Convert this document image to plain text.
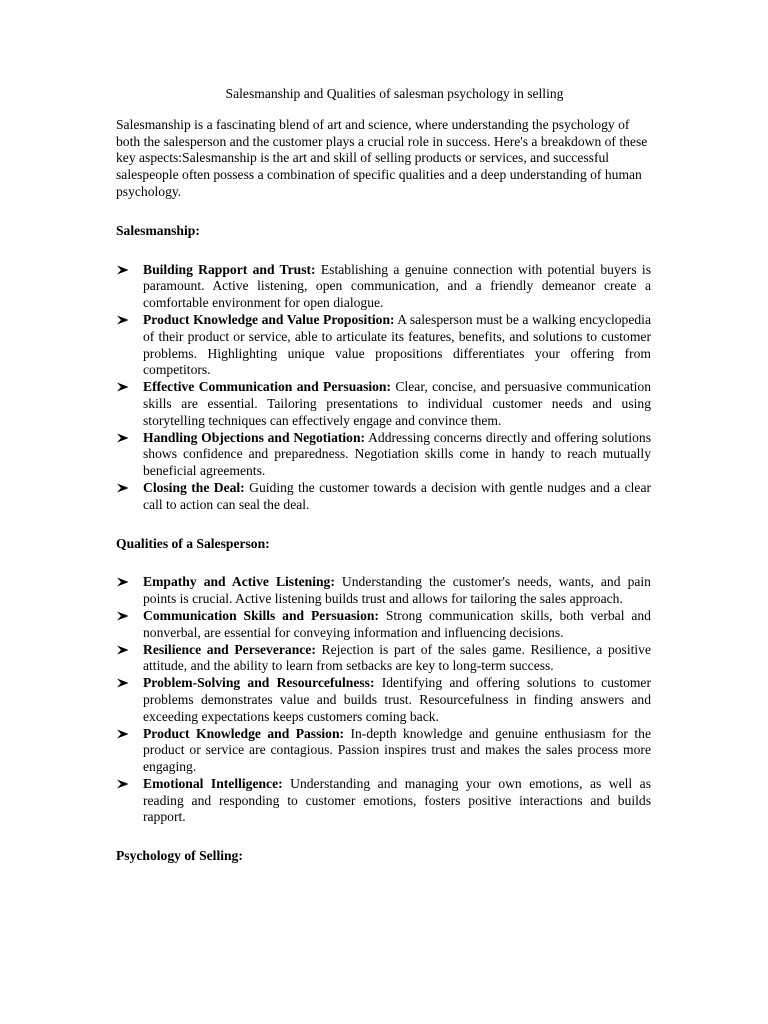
Salesmanship and Qualities of salesman psychology in selling

Salesmanship is a fascinating blend of art and science, where understanding the psychology of both the salesperson and the customer plays a crucial role in success. Here's a breakdown of these key aspects:Salesmanship is the art and skill of selling products or services, and successful salespeople often possess a combination of specific qualities and a deep understanding of human psychology.

Salesmanship:

Building Rapport and Trust: Establishing a genuine connection with potential buyers is paramount. Active listening, open communication, and a friendly demeanor create a comfortable environment for open dialogue.
Product Knowledge and Value Proposition: A salesperson must be a walking encyclopedia of their product or service, able to articulate its features, benefits, and solutions to customer problems. Highlighting unique value propositions differentiates your offering from competitors.
Effective Communication and Persuasion: Clear, concise, and persuasive communication skills are essential. Tailoring presentations to individual customer needs and using storytelling techniques can effectively engage and convince them.
Handling Objections and Negotiation: Addressing concerns directly and offering solutions shows confidence and preparedness. Negotiation skills come in handy to reach mutually beneficial agreements.
Closing the Deal: Guiding the customer towards a decision with gentle nudges and a clear call to action can seal the deal.

Qualities of a Salesperson:

Empathy and Active Listening: Understanding the customer's needs, wants, and pain points is crucial. Active listening builds trust and allows for tailoring the sales approach.
Communication Skills and Persuasion: Strong communication skills, both verbal and nonverbal, are essential for conveying information and influencing decisions.
Resilience and Perseverance: Rejection is part of the sales game. Resilience, a positive attitude, and the ability to learn from setbacks are key to long-term success.
Problem-Solving and Resourcefulness: Identifying and offering solutions to customer problems demonstrates value and builds trust. Resourcefulness in finding answers and exceeding expectations keeps customers coming back.
Product Knowledge and Passion: In-depth knowledge and genuine enthusiasm for the product or service are contagious. Passion inspires trust and makes the sales process more engaging.
Emotional Intelligence: Understanding and managing your own emotions, as well as reading and responding to customer emotions, fosters positive interactions and builds rapport.

Psychology of Selling:
